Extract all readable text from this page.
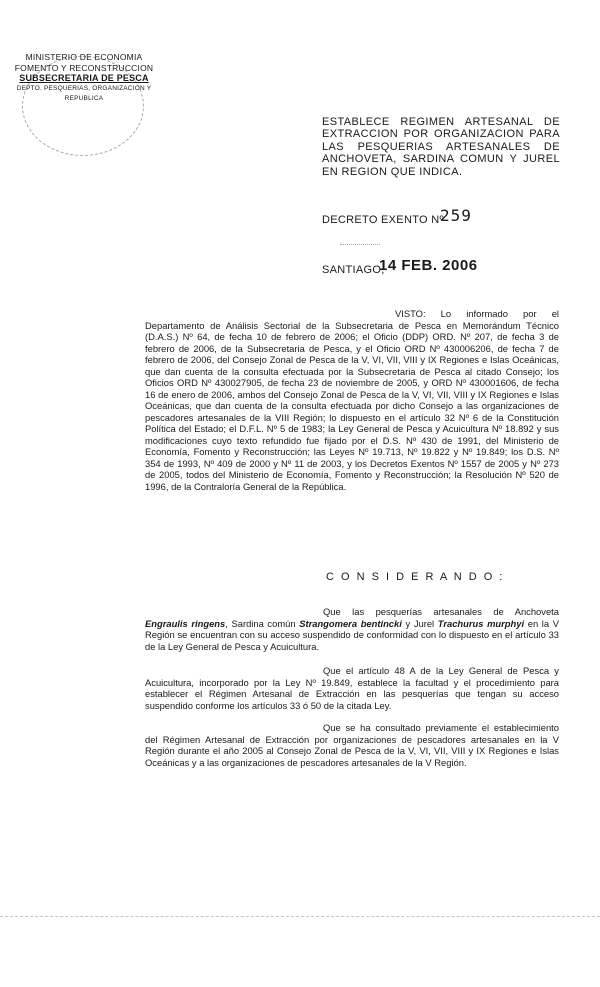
MINISTERIO DE ECONOMIA
FOMENTO Y RECONSTRUCCION
SUBSECRETARIA DE PESCA
DEPTO. PESQUERIAS, ORGANIZACION Y
REPUBLICA
ESTABLECE REGIMEN ARTESANAL DE EXTRACCION POR ORGANIZACION PARA LAS PESQUERIAS ARTESANALES DE ANCHOVETA, SARDINA COMUN Y JUREL EN REGION QUE INDICA.
DECRETO EXENTO Nº
259
SANTIAGO,
14 FEB. 2006

VISTO: Lo informado por el Departamento de Análisis Sectorial de la Subsecretaria de Pesca en Memorándum Técnico (D.A.S.) Nº 64, de fecha 10 de febrero de 2006; el Oficio (DDP) ORD. Nº 207, de fecha 3 de febrero de 2006, de la Subsecretaria de Pesca, y el Oficio ORD Nº 430006206, de fecha 7 de febrero de 2006, del Consejo Zonal de Pesca de la V, VI, VII, VIII y IX Regiones e Islas Oceánicas, que dan cuenta de la consulta efectuada por la Subsecretaria de Pesca al citado Consejo; los Oficios ORD Nº 430027905, de fecha 23 de noviembre de 2005, y ORD Nº 430001606, de fecha 16 de enero de 2006, ambos del Consejo Zonal de Pesca de la V, VI, VII, VIII y IX Regiones e Islas Oceánicas, que dan cuenta de la consulta efectuada por dicho Consejo a las organizaciones de pescadores artesanales de la VIII Región; lo dispuesto en el artículo 32 Nº 6 de la Constitución Política del Estado; el D.F.L. Nº 5 de 1983; la Ley General de Pesca y Acuicultura Nº 18.892 y sus modificaciones cuyo texto refundido fue fijado por el D.S. Nº 430 de 1991, del Ministerio de Economía, Fomento y Reconstrucción; las Leyes Nº 19.713, Nº 19.822 y Nº 19.849; los D.S. Nº 354 de 1993, Nº 409 de 2000 y Nº 11 de 2003, y los Decretos Exentos Nº 1557 de 2005 y Nº 273 de 2005, todos del Ministerio de Economía, Fomento y Reconstrucción; la Resolución Nº 520 de 1996, de la Contraloría General de la República.

C O N S I D E R A N D O :

Que las pesquerías artesanales de Anchoveta Engraulis ringens, Sardina común Strangomera bentincki y Jurel Trachurus murphyi en la V Región se encuentran con su acceso suspendido de conformidad con lo dispuesto en el artículo 33 de la Ley General de Pesca y Acuicultura.

Que el artículo 48 A de la Ley General de Pesca y Acuicultura, incorporado por la Ley Nº 19.849, establece la facultad y el procedimiento para establecer el Régimen Artesanal de Extracción en las pesquerías que tengan su acceso suspendido conforme los artículos 33 ó 50 de la citada Ley.

Que se ha consultado previamente el establecimiento del Régimen Artesanal de Extracción por organizaciones de pescadores artesanales en la V Región durante el año 2005 al Consejo Zonal de Pesca de la V, VI, VII, VIII y IX Regiones e Islas Oceánicas y a las organizaciones de pescadores artesanales de la V Región.
